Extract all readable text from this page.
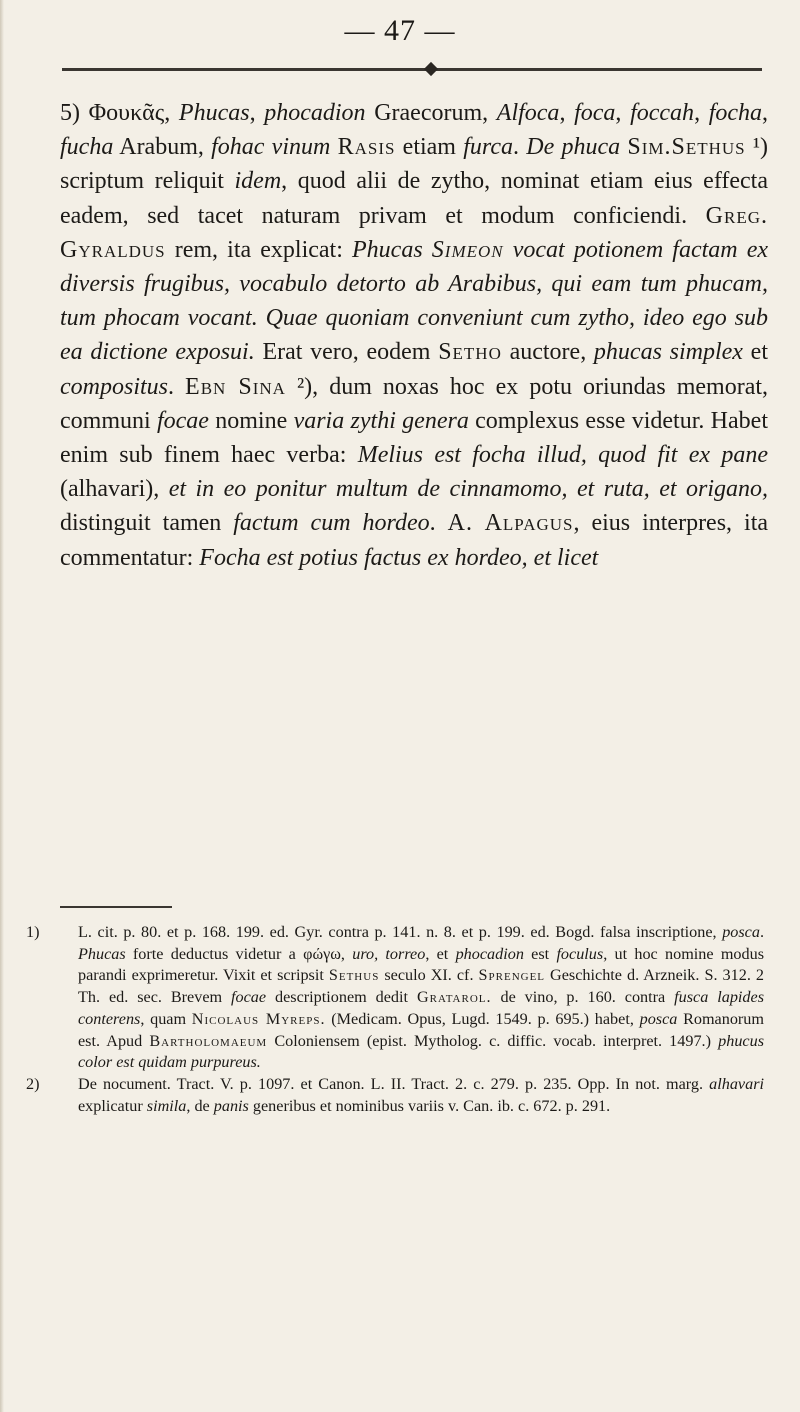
— 47 —

5) Φουκᾶς, Phucas, phocadion Graecorum, Alfoca, foca, foccah, focha, fucha Arabum, fohac vinum Rasis etiam furca. De phuca Sim.Sethus ¹) scriptum reliquit idem, quod alii de zytho, nominat etiam eius effecta eadem, sed tacet naturam privam et modum conficiendi. Greg. Gyraldus rem, ita explicat: Phucas Simeon vocat potionem factam ex diversis frugibus, vocabulo detorto ab Arabibus, qui eam tum phucam, tum phocam vocant. Quae quoniam conveniunt cum zytho, ideo ego sub ea dictione exposui. Erat vero, eodem Setho auctore, phucas simplex et compositus. Ebn Sina ²), dum noxas hoc ex potu oriundas memorat, communi focae nomine varia zythi genera complexus esse videtur. Habet enim sub finem haec verba: Melius est focha illud, quod fit ex pane (alhavari), et in eo ponitur multum de cinnamomo, et ruta, et origano, distinguit tamen factum cum hordeo. A. Alpagus, eius interpres, ita commentatur: Focha est potius factus ex hordeo, et licet

1) L. cit. p. 80. et p. 168. 199. ed. Gyr. contra p. 141. n. 8. et p. 199. ed. Bogd. falsa inscriptione, posca. Phucas forte deductus videtur a φώγω, uro, torreo, et phocadion est foculus, ut hoc nomine modus parandi exprimeretur. Vixit et scripsit Sethus seculo XI. cf. Sprengel Geschichte d. Arzneik. S. 312. 2 Th. ed. sec. Brevem focae descriptionem dedit Gratarol. de vino, p. 160. contra fusca lapides conterens, quam Nicolaus Myreps. (Medicam. Opus, Lugd. 1549. p. 695.) habet, posca Romanorum est. Apud Bartholomaeum Coloniensem (epist. Mytholog. c. diffic. vocab. interpret. 1497.) phucus color est quidam purpureus.

2) De nocument. Tract. V. p. 1097. et Canon. L. II. Tract. 2. c. 279. p. 235. Opp. In not. marg. alhavari explicatur simila, de panis generibus et nominibus variis v. Can. ib. c. 672. p. 291.
